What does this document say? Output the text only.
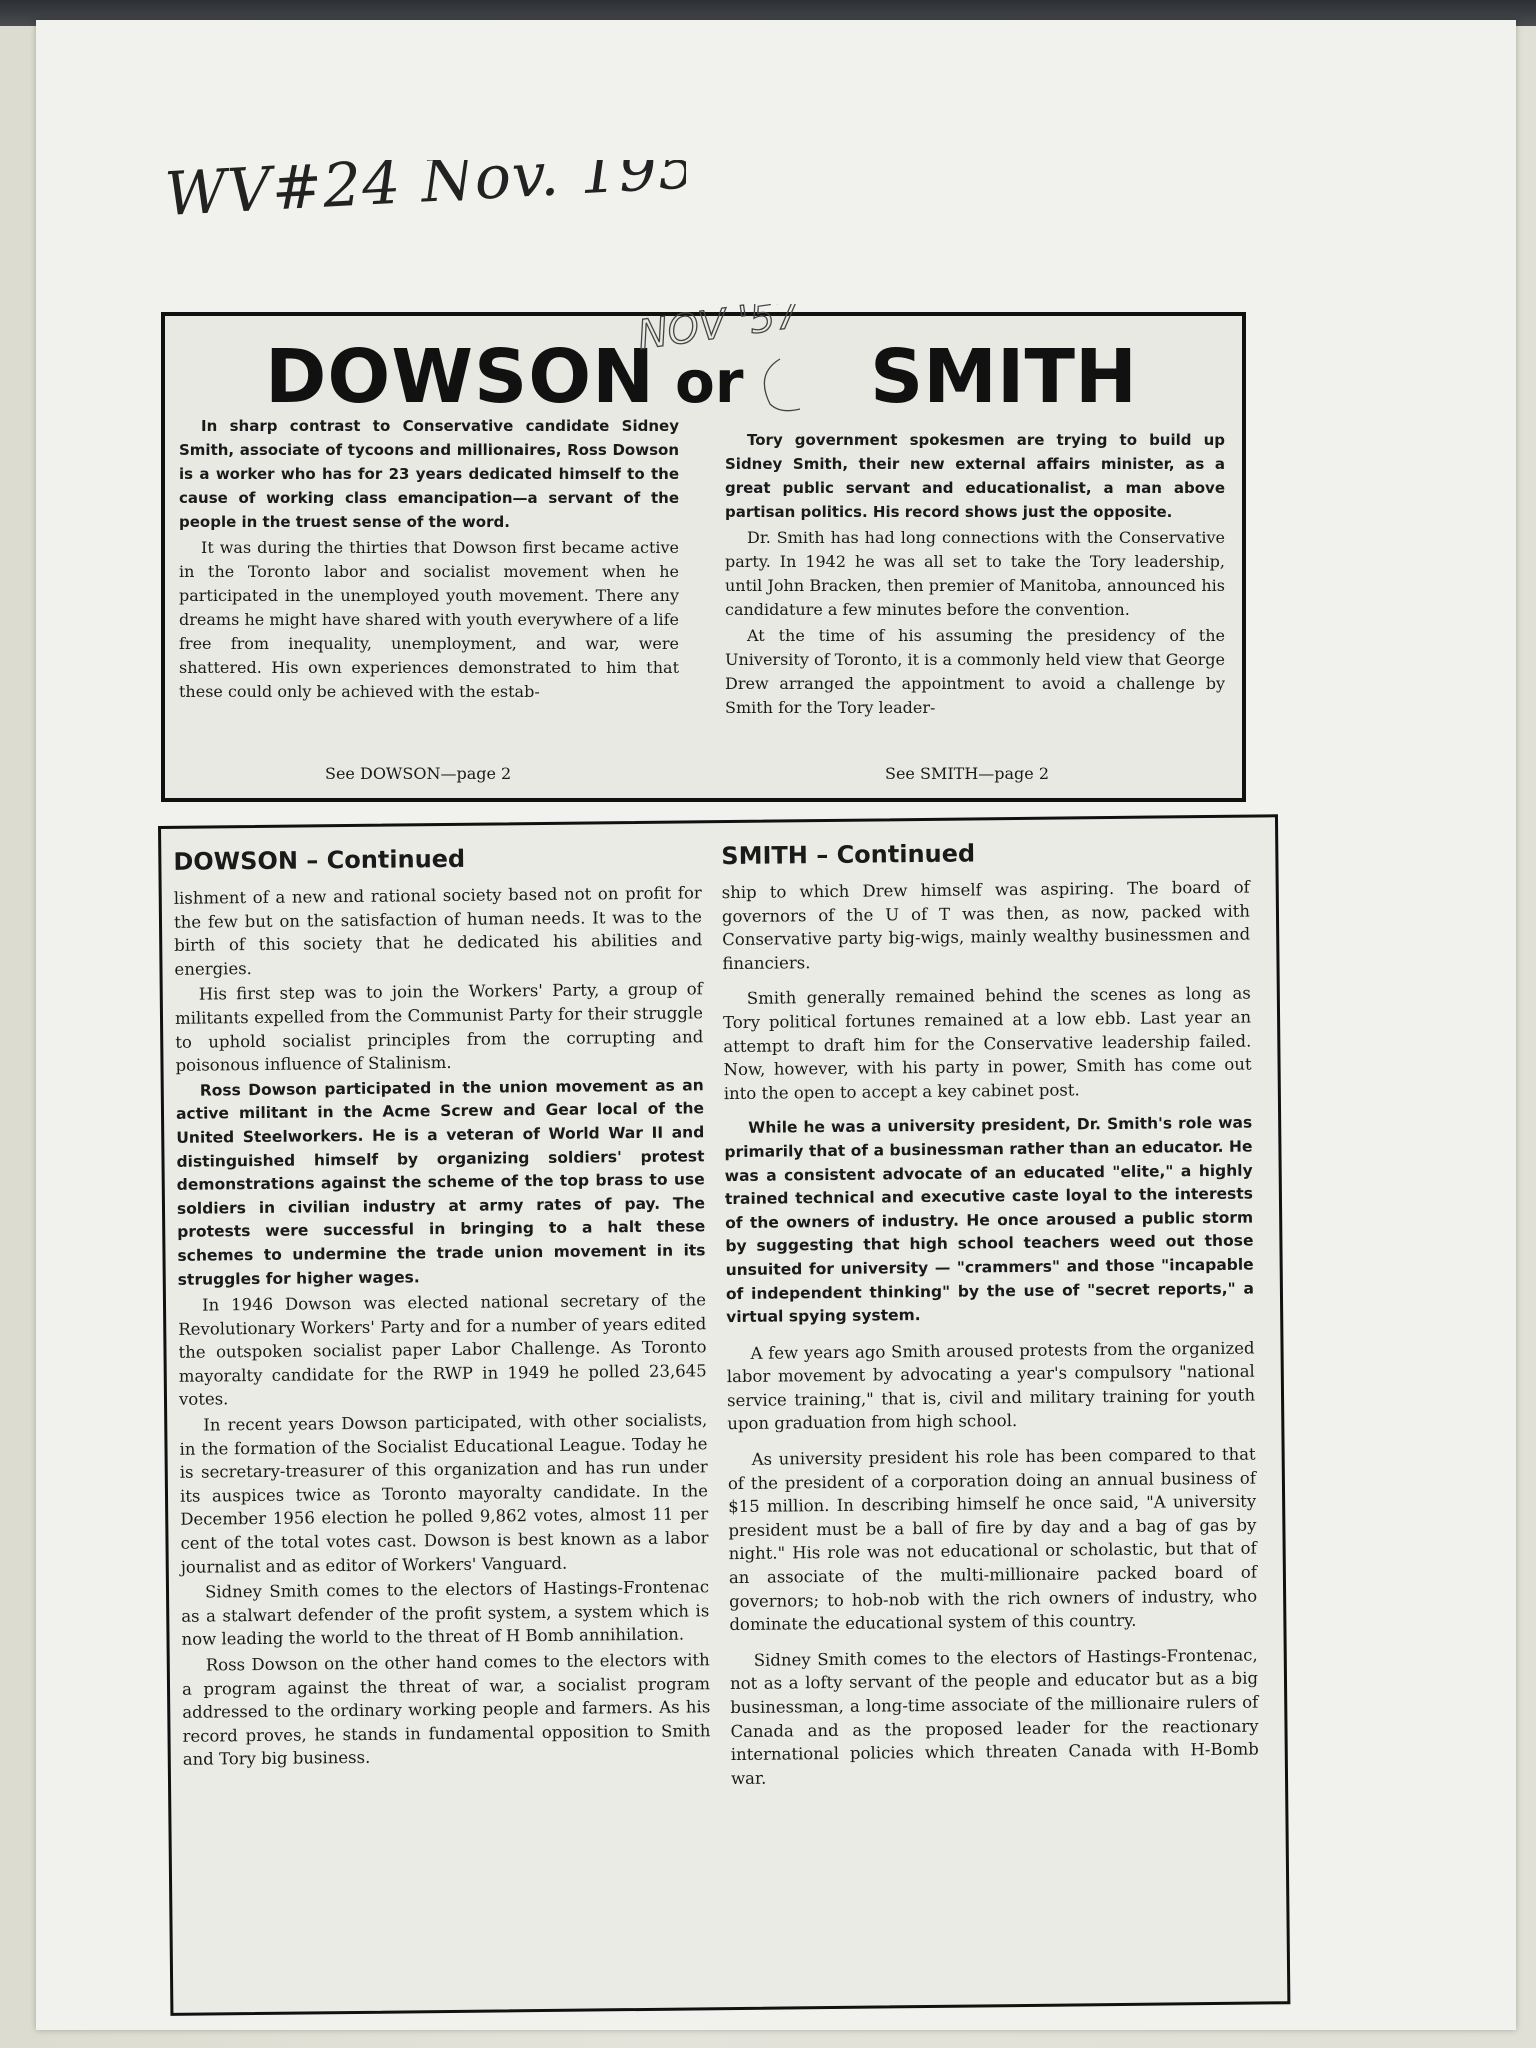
WV#24 Nov. 1957
DOWSON or SMITH
NOV '57

In sharp contrast to Conservative candidate Sidney Smith, associate of tycoons and millionaires, Ross Dowson is a worker who has for 23 years dedicated himself to the cause of working class emancipation—a servant of the people in the truest sense of the word.

It was during the thirties that Dowson first became active in the Toronto labor and socialist movement when he participated in the unemployed youth movement. There any dreams he might have shared with youth everywhere of a life free from inequality, unemployment, and war, were shattered. His own experiences demonstrated to him that these could only be achieved with the estab-

See DOWSON—page 2

Tory government spokesmen are trying to build up Sidney Smith, their new external affairs minister, as a great public servant and educationalist, a man above partisan politics. His record shows just the opposite.

Dr. Smith has had long connections with the Conservative party. In 1942 he was all set to take the Tory leadership, until John Bracken, then premier of Manitoba, announced his candidature a few minutes before the convention.

At the time of his assuming the presidency of the University of Toronto, it is a commonly held view that George Drew arranged the appointment to avoid a challenge by Smith for the Tory leader-

See SMITH—page 2
DOWSON – Continued

lishment of a new and rational society based not on profit for the few but on the satisfaction of human needs. It was to the birth of this society that he dedicated his abilities and energies.

His first step was to join the Workers' Party, a group of militants expelled from the Communist Party for their struggle to uphold socialist principles from the corrupting and poisonous influence of Stalinism.

Ross Dowson participated in the union movement as an active militant in the Acme Screw and Gear local of the United Steelworkers. He is a veteran of World War II and distinguished himself by organizing soldiers' protest demonstrations against the scheme of the top brass to use soldiers in civilian industry at army rates of pay. The protests were successful in bringing to a halt these schemes to undermine the trade union movement in its struggles for higher wages.

In 1946 Dowson was elected national secretary of the Revolutionary Workers' Party and for a number of years edited the outspoken socialist paper Labor Challenge. As Toronto mayoralty candidate for the RWP in 1949 he polled 23,645 votes.

In recent years Dowson participated, with other socialists, in the formation of the Socialist Educational League. Today he is secretary-treasurer of this organization and has run under its auspices twice as Toronto mayoralty candidate. In the December 1956 election he polled 9,862 votes, almost 11 per cent of the total votes cast. Dowson is best known as a labor journalist and as editor of Workers' Vanguard.

Sidney Smith comes to the electors of Hastings-Frontenac as a stalwart defender of the profit system, a system which is now leading the world to the threat of H Bomb annihilation.

Ross Dowson on the other hand comes to the electors with a program against the threat of war, a socialist program addressed to the ordinary working people and farmers. As his record proves, he stands in fundamental opposition to Smith and Tory big business.

SMITH – Continued

ship to which Drew himself was aspiring. The board of governors of the U of T was then, as now, packed with Conservative party big-wigs, mainly wealthy businessmen and financiers.

Smith generally remained behind the scenes as long as Tory political fortunes remained at a low ebb. Last year an attempt to draft him for the Conservative leadership failed. Now, however, with his party in power, Smith has come out into the open to accept a key cabinet post.

While he was a university president, Dr. Smith's role was primarily that of a businessman rather than an educator. He was a consistent advocate of an educated "elite," a highly trained technical and executive caste loyal to the interests of the owners of industry. He once aroused a public storm by suggesting that high school teachers weed out those unsuited for university — "crammers" and those "incapable of independent thinking" by the use of "secret reports," a virtual spying system.

A few years ago Smith aroused protests from the organized labor movement by advocating a year's compulsory "national service training," that is, civil and military training for youth upon graduation from high school.

As university president his role has been compared to that of the president of a corporation doing an annual business of $15 million. In describing himself he once said, "A university president must be a ball of fire by day and a bag of gas by night." His role was not educational or scholastic, but that of an associate of the multi-millionaire packed board of governors; to hob-nob with the rich owners of industry, who dominate the educational system of this country.

Sidney Smith comes to the electors of Hastings-Frontenac, not as a lofty servant of the people and educator but as a big businessman, a long-time associate of the millionaire rulers of Canada and as the proposed leader for the reactionary international policies which threaten Canada with H-Bomb war.
